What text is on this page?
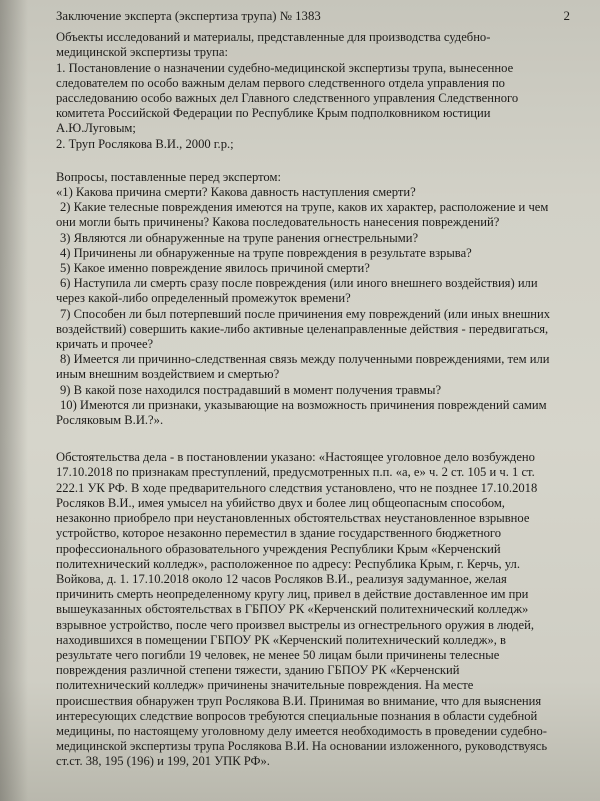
Заключение эксперта (экспертиза трупа) № 1383	2

Объекты исследований и материалы, представленные для производства судебно-

медицинской экспертизы трупа:

1. Постановление о назначении судебно-медицинской экспертизы трупа, вынесенное

следователем по особо важным делам первого следственного отдела управления по

расследованию особо важных дел Главного следственного управления Следственного

комитета Российской Федерации по Республике Крым подполковником юстиции

А.Ю.Луговым;

2. Труп Рослякова В.И., 2000 г.р.;

Вопросы, поставленные перед экспертом:

«1) Какова причина смерти? Какова давность наступления смерти?

2) Какие телесные повреждения имеются на трупе, каков их характер, расположение и чем

они могли быть причинены? Какова последовательность нанесения повреждений?

3) Являются ли обнаруженные на трупе ранения огнестрельными?

4) Причинены ли обнаруженные на трупе повреждения в результате взрыва?

5) Какое именно повреждение явилось причиной смерти?

6) Наступила ли смерть сразу после повреждения (или иного внешнего воздействия) или

через какой-либо определенный промежуток времени?

7) Способен ли был потерпевший после причинения ему повреждений (или иных внешних

воздействий) совершить какие-либо активные целенаправленные действия - передвигаться,

кричать и прочее?

8) Имеется ли причинно-следственная связь между полученными повреждениями, тем или

иным внешним воздействием и смертью?

9) В какой позе находился пострадавший в момент получения травмы?

10) Имеются ли признаки, указывающие на возможность причинения повреждений самим

Росляковым В.И.?».

Обстоятельства дела - в постановлении указано: «Настоящее уголовное дело возбуждено

17.10.2018 по признакам преступлений, предусмотренных п.п. «а, е» ч. 2 ст. 105 и ч. 1 ст.

222.1 УК РФ. В ходе предварительного следствия установлено, что не позднее 17.10.2018

Росляков В.И., имея умысел на убийство двух и более лиц общеопасным способом,

незаконно приобрело при неустановленных обстоятельствах неустановленное взрывное

устройство, которое незаконно переместил в здание государственного бюджетного

профессионального образовательного учреждения Республики Крым «Керченский

политехнический колледж», расположенное по адресу: Республика Крым, г. Керчь, ул.

Войкова, д. 1. 17.10.2018 около 12 часов Росляков В.И., реализуя задуманное, желая

причинить смерть неопределенному кругу лиц, привел в действие доставленное им при

вышеуказанных обстоятельствах в ГБПОУ РК «Керченский политехнический колледж»

взрывное устройство, после чего произвел выстрелы из огнестрельного оружия в людей,

находившихся в помещении ГБПОУ РК «Керченский политехнический колледж», в

результате чего погибли 19 человек, не менее 50 лицам были причинены телесные

повреждения различной степени тяжести, зданию ГБПОУ РК «Керченский

политехнический колледж» причинены значительные повреждения. На месте

происшествия обнаружен труп Рослякова В.И. Принимая во внимание, что для выяснения

интересующих следствие вопросов требуются специальные познания в области судебной

медицины, по настоящему уголовному делу имеется необходимость в проведении судебно-

медицинской экспертизы трупа Рослякова В.И. На основании изложенного, руководствуясь

ст.ст. 38, 195 (196) и 199, 201 УПК РФ».
